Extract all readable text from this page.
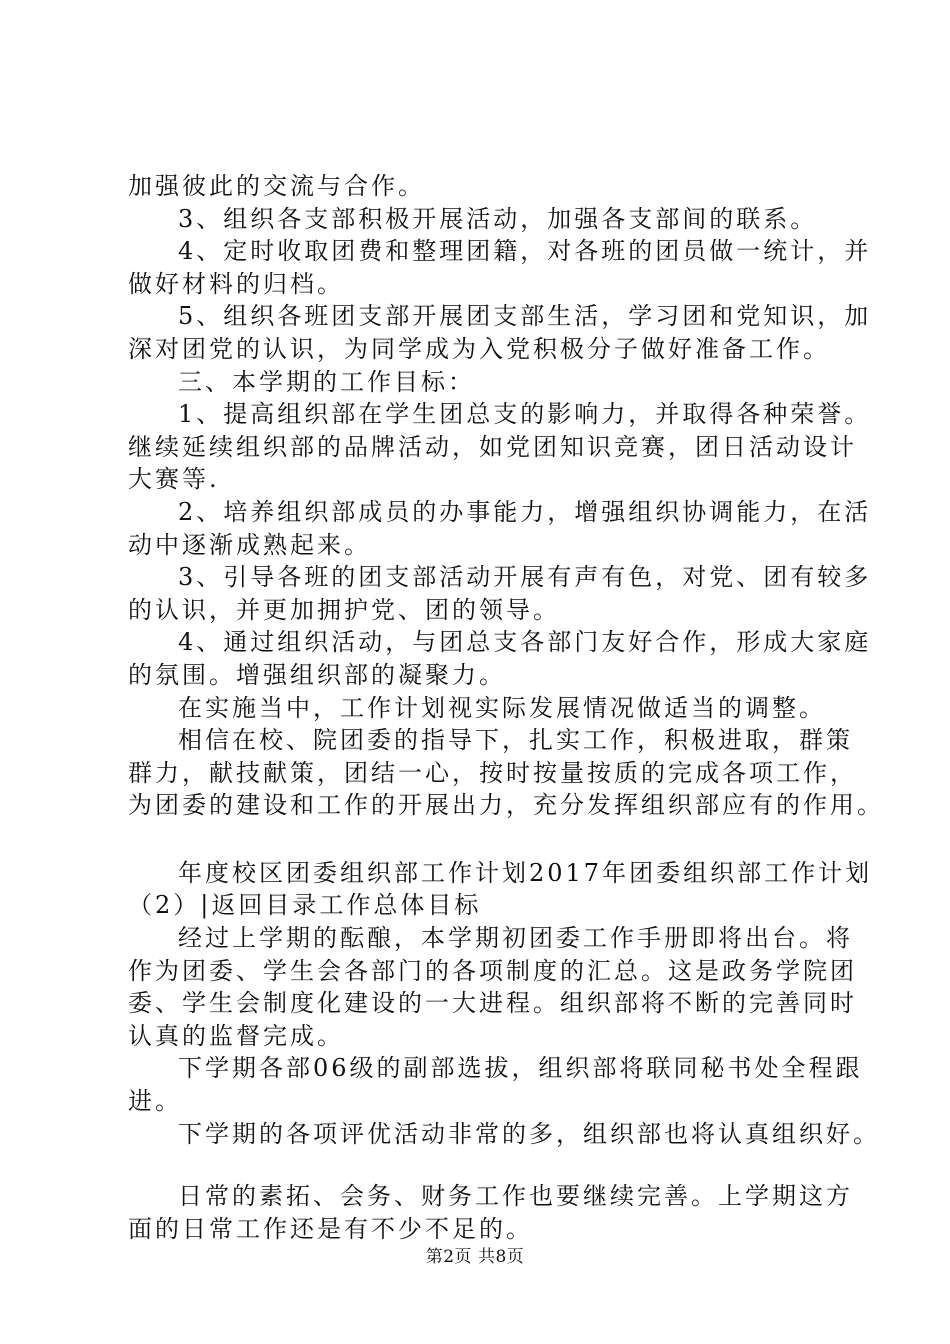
加强彼此的交流与合作。
3、组织各支部积极开展活动，加强各支部间的联系。
4、定时收取团费和整理团籍，对各班的团员做一统计，并
做好材料的归档。
5、组织各班团支部开展团支部生活，学习团和党知识，加
深对团党的认识，为同学成为入党积极分子做好准备工作。
三、本学期的工作目标：
1、提高组织部在学生团总支的影响力，并取得各种荣誉。
继续延续组织部的品牌活动，如党团知识竞赛，团日活动设计
大赛等.
2、培养组织部成员的办事能力，增强组织协调能力，在活
动中逐渐成熟起来。
3、引导各班的团支部活动开展有声有色，对党、团有较多
的认识，并更加拥护党、团的领导。
4、通过组织活动，与团总支各部门友好合作，形成大家庭
的氛围。增强组织部的凝聚力。
在实施当中，工作计划视实际发展情况做适当的调整。
相信在校、院团委的指导下，扎实工作，积极进取，群策
群力，献技献策，团结一心，按时按量按质的完成各项工作，
为团委的建设和工作的开展出力，充分发挥组织部应有的作用。
年度校区团委组织部工作计划2017年团委组织部工作计划
（2）|返回目录工作总体目标
经过上学期的酝酿，本学期初团委工作手册即将出台。将
作为团委、学生会各部门的各项制度的汇总。这是政务学院团
委、学生会制度化建设的一大进程。组织部将不断的完善同时
认真的监督完成。
下学期各部06级的副部选拔，组织部将联同秘书处全程跟
进。
下学期的各项评优活动非常的多，组织部也将认真组织好。
日常的素拓、会务、财务工作也要继续完善。上学期这方
面的日常工作还是有不少不足的。
第2页 共8页
